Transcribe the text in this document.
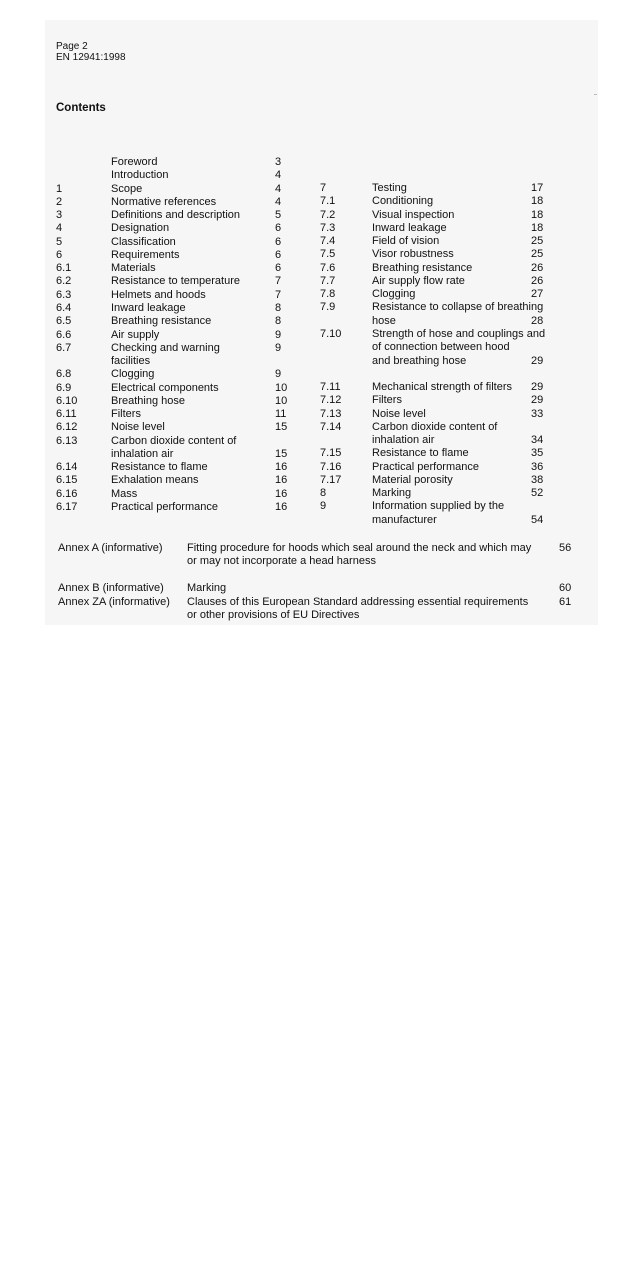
Page 2
EN 12941:1998
Contents
Foreword	3
Introduction	4
1	Scope	4
2	Normative references	4
3	Definitions and description	5
4	Designation	6
5	Classification	6
6	Requirements	6
6.1	Materials	6
6.2	Resistance to temperature	7
6.3	Helmets and hoods	7
6.4	Inward leakage	8
6.5	Breathing resistance	8
6.6	Air supply	9
6.7	Checking and warning	9
facilities
6.8	Clogging	9
6.9	Electrical components	10
6.10	Breathing hose	10
6.11	Filters	11
6.12	Noise level	15
6.13	Carbon dioxide content of
inhalation air	15
6.14	Resistance to flame	16
6.15	Exhalation means	16
6.16	Mass	16
6.17	Practical performance	16
7	Testing	17
7.1	Conditioning	18
7.2	Visual inspection	18
7.3	Inward leakage	18
7.4	Field of vision	25
7.5	Visor robustness	25
7.6	Breathing resistance	26
7.7	Air supply flow rate	26
7.8	Clogging	27
7.9	Resistance to collapse of breathing
hose	28
7.10	Strength of hose and couplings and
of connection between hood
and breathing hose	29
7.11	Mechanical strength of filters 29
7.12	Filters	29
7.13	Noise level	33
7.14	Carbon dioxide content of
inhalation air	34
7.15	Resistance to flame	35
7.16	Practical performance	36
7.17	Material porosity	38
8	Marking	52
9	Information supplied by the
manufacturer	54
Annex A (informative) Fitting procedure for hoods which seal around the neck and which may
or may not incorporate a head harness
56
Annex B (informative) Marking	60
Annex ZA (informative) Clauses of this European Standard addressing essential requirements
or other provisions of EU Directives
61
